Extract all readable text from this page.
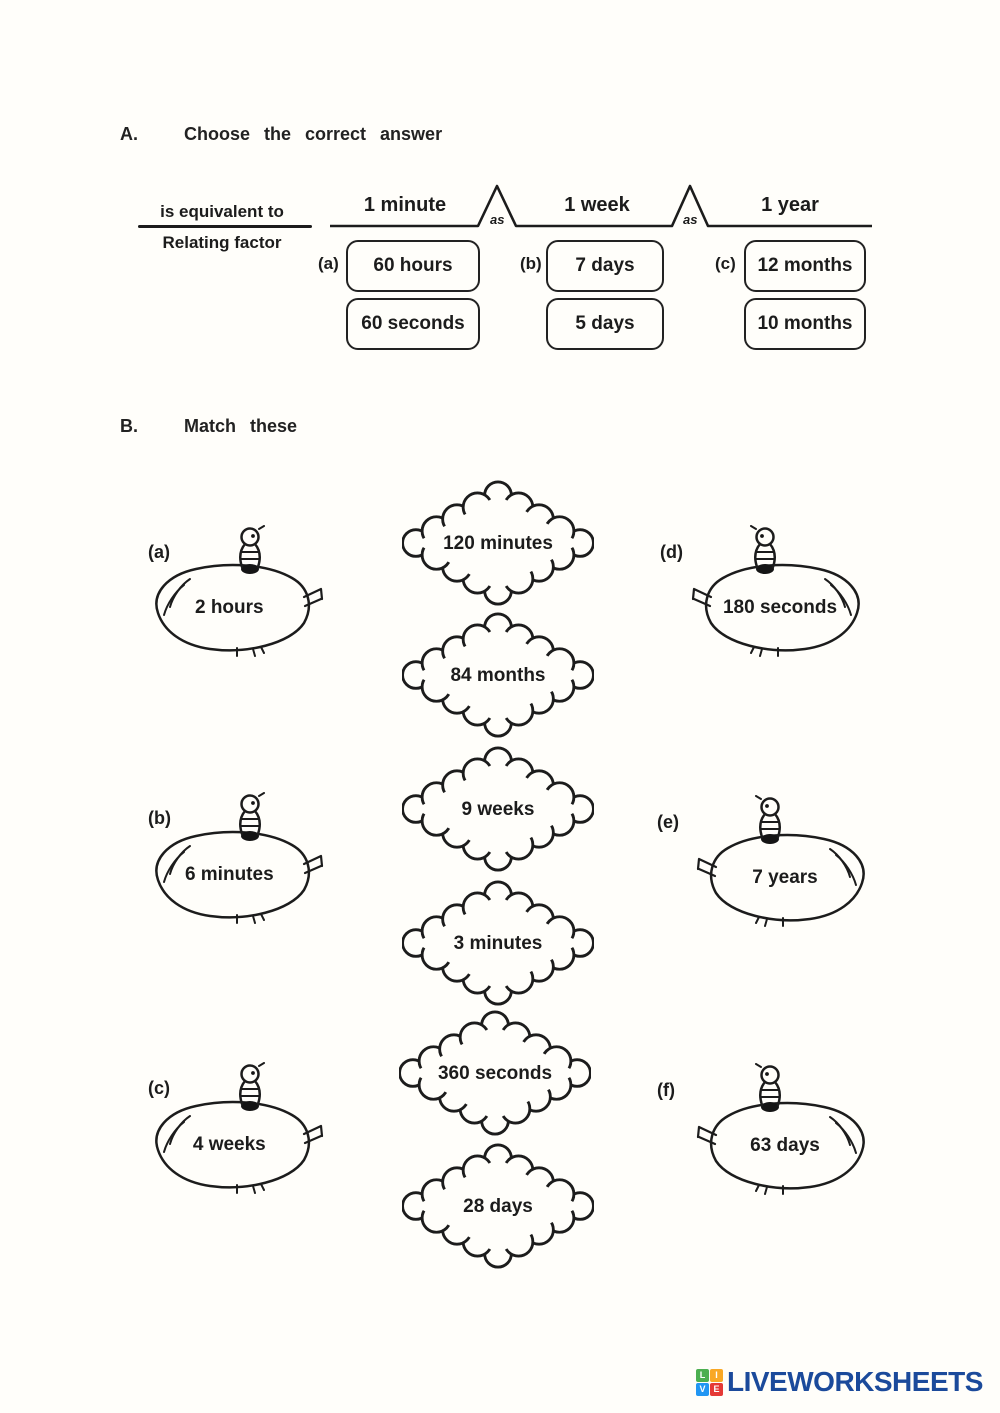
A.	Choose the correct answer
is equivalent to
Relating factor
1 minute	1 week	1 year
as	as
(a)	60 hours
60 seconds
(b)	7 days
5 days
(c)	12 months
10 months
B.	Match these
(a)
2 hours
(b)
6 minutes
(c)
4 weeks
(d)
180 seconds
(e)
7 years
(f)
63 days
120 minutes
84 months
9 weeks
3 minutes
360 seconds
28 days
L	I
V E LIVEWORKSHEETS
